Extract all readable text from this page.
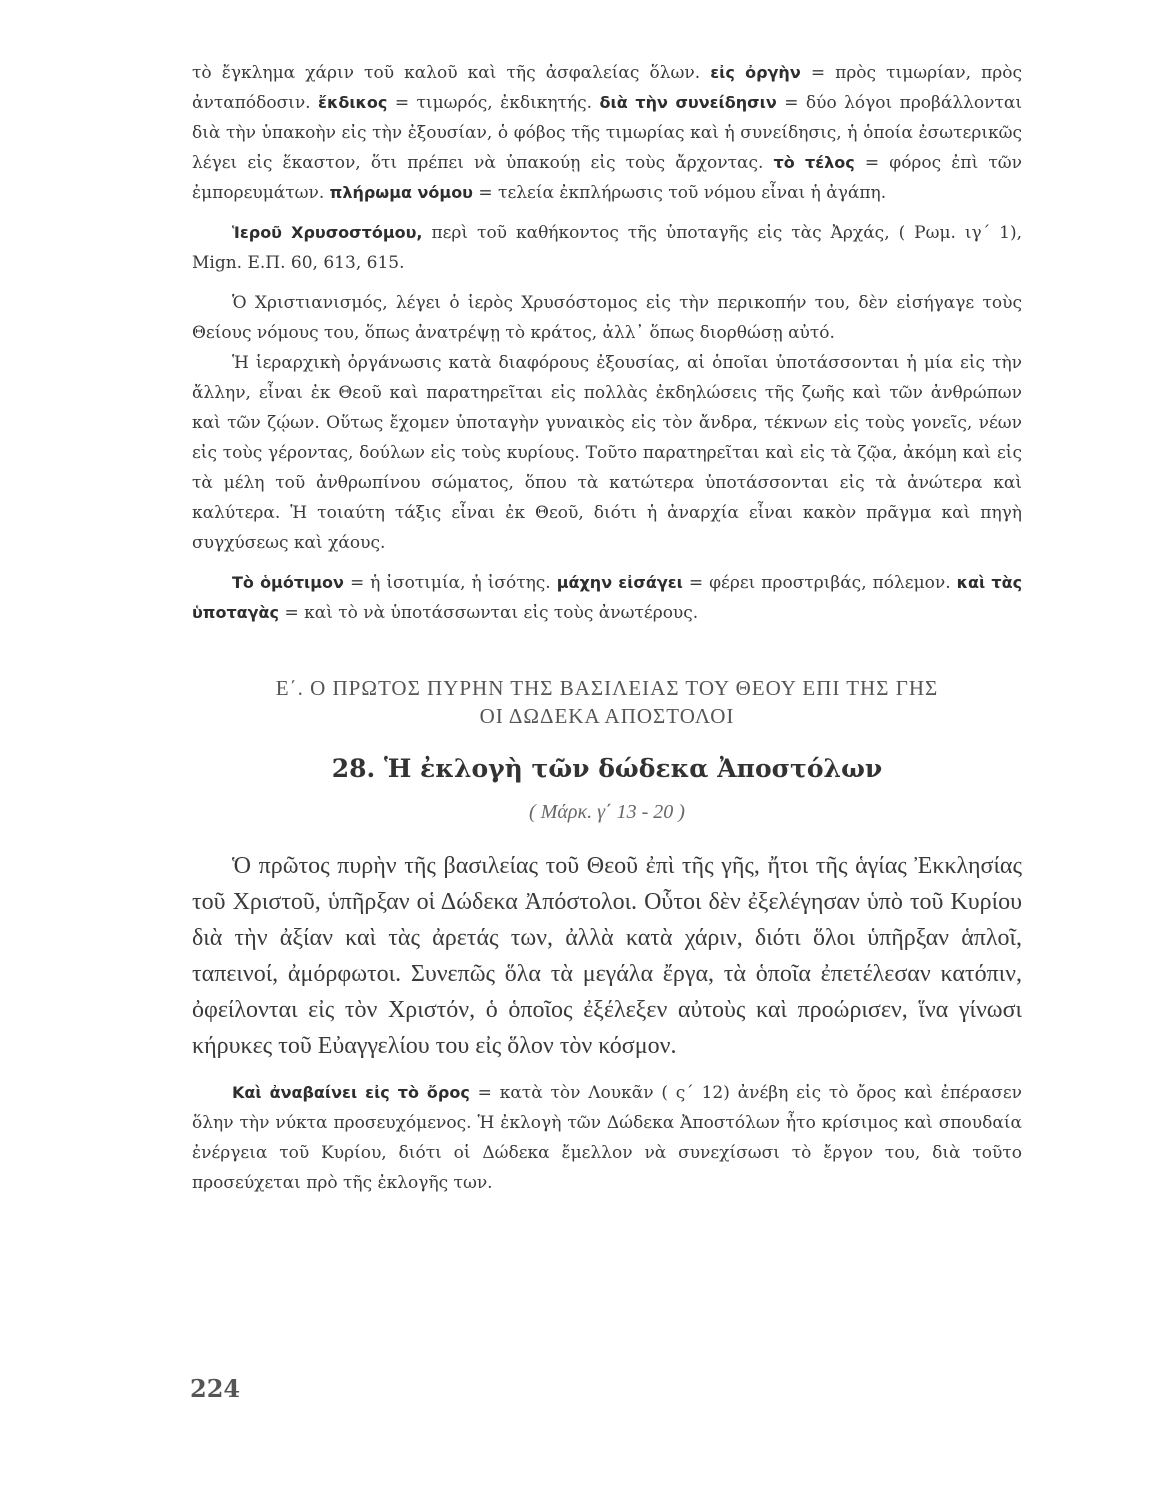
τὸ ἔγκλημα χάριν τοῦ καλοῦ καὶ τῆς ἀσφαλείας ὅλων. εἰς ὀργὴν = πρὸς τιμωρίαν, πρὸς ἀνταπόδοσιν. ἔκδικος = τιμωρός, ἐκδικητής. διὰ τὴν συνείδησιν = δύο λόγοι προβάλλονται διὰ τὴν ὑπακοὴν εἰς τὴν ἐξουσίαν, ὁ φόβος τῆς τιμωρίας καὶ ἡ συνείδησις, ἡ ὁποία ἐσωτερικῶς λέγει εἰς ἕκαστον, ὅτι πρέπει νὰ ὑπακούῃ εἰς τοὺς ἄρχοντας. τὸ τέλος = φόρος ἐπὶ τῶν ἐμπορευμάτων. πλήρωμα νόμου = τελεία ἐκπλήρωσις τοῦ νόμου εἶναι ἡ ἀγάπη.

Ἱεροῦ Χρυσοστόμου, περὶ τοῦ καθήκοντος τῆς ὑποταγῆς εἰς τὰς Ἀρχάς, ( Ρωμ. ιγ΄ 1), Mign. Ε.Π. 60, 613, 615.

Ὁ Χριστιανισμός, λέγει ὁ ἱερὸς Χρυσόστομος εἰς τὴν περικοπήν του, δὲν εἰσήγαγε τοὺς Θείους νόμους του, ὅπως ἀνατρέψῃ τὸ κράτος, ἀλλ᾽ ὅπως διορθώσῃ αὐτό.

Ἡ ἱεραρχικὴ ὀργάνωσις κατὰ διαφόρους ἐξουσίας, αἱ ὁποῖαι ὑποτάσσονται ἡ μία εἰς τὴν ἄλλην, εἶναι ἐκ Θεοῦ καὶ παρατηρεῖται εἰς πολλὰς ἐκδηλώσεις τῆς ζωῆς καὶ τῶν ἀνθρώπων καὶ τῶν ζῴων. Οὕτως ἔχομεν ὑποταγὴν γυναικὸς εἰς τὸν ἄνδρα, τέκνων εἰς τοὺς γονεῖς, νέων εἰς τοὺς γέροντας, δούλων εἰς τοὺς κυρίους. Τοῦτο παρατηρεῖται καὶ εἰς τὰ ζῷα, ἀκόμη καὶ εἰς τὰ μέλη τοῦ ἀνθρωπίνου σώματος, ὅπου τὰ κατώτερα ὑποτάσσονται εἰς τὰ ἀνώτερα καὶ καλύτερα. Ἡ τοιαύτη τάξις εἶναι ἐκ Θεοῦ, διότι ἡ ἀναρχία εἶναι κακὸν πρᾶγμα καὶ πηγὴ συγχύσεως καὶ χάους.

Τὸ ὁμότιμον = ἡ ἰσοτιμία, ἡ ἰσότης. μάχην εἰσάγει = φέρει προστριβάς, πόλεμον. καὶ τὰς ὑποταγὰς = καὶ τὸ νὰ ὑποτάσσωνται εἰς τοὺς ἀνωτέρους.

Ε΄. Ο ΠΡΩΤΟΣ ΠΥΡΗΝ ΤΗΣ ΒΑΣΙΛΕΙΑΣ ΤΟΥ ΘΕΟΥ ΕΠΙ ΤΗΣ ΓΗΣ

ΟΙ ΔΩΔΕΚΑ ΑΠΟΣΤΟΛΟΙ

28. Ἡ ἐκλογὴ τῶν δώδεκα Ἀποστόλων

( Μάρκ. γ΄ 13 - 20 )

Ὁ πρῶτος πυρὴν τῆς βασιλείας τοῦ Θεοῦ ἐπὶ τῆς γῆς, ἤτοι τῆς ἁγίας Ἐκκλησίας τοῦ Χριστοῦ, ὑπῆρξαν οἱ Δώδεκα Ἀπόστολοι. Οὗτοι δὲν ἐξελέγησαν ὑπὸ τοῦ Κυρίου διὰ τὴν ἀξίαν καὶ τὰς ἀρετάς των, ἀλλὰ κατὰ χάριν, διότι ὅλοι ὑπῆρξαν ἁπλοῖ, ταπεινοί, ἀμόρφωτοι. Συνεπῶς ὅλα τὰ μεγάλα ἔργα, τὰ ὁποῖα ἐπετέλεσαν κατόπιν, ὀφείλονται εἰς τὸν Χριστόν, ὁ ὁποῖος ἐξέλεξεν αὐτοὺς καὶ προώρισεν, ἵνα γίνωσι κήρυκες τοῦ Εὐαγγελίου του εἰς ὅλον τὸν κόσμον.

Καὶ ἀναβαίνει εἰς τὸ ὄρος = κατὰ τὸν Λουκᾶν ( ς΄ 12) ἀνέβη εἰς τὸ ὄρος καὶ ἐπέρασεν ὅλην τὴν νύκτα προσευχόμενος. Ἡ ἐκλογὴ τῶν Δώδεκα Ἀποστόλων ἦτο κρίσιμος καὶ σπουδαία ἐνέργεια τοῦ Κυρίου, διότι οἱ Δώδεκα ἔμελλον νὰ συνεχίσωσι τὸ ἔργον του, διὰ τοῦτο προσεύχεται πρὸ τῆς ἐκλογῆς των.

224
